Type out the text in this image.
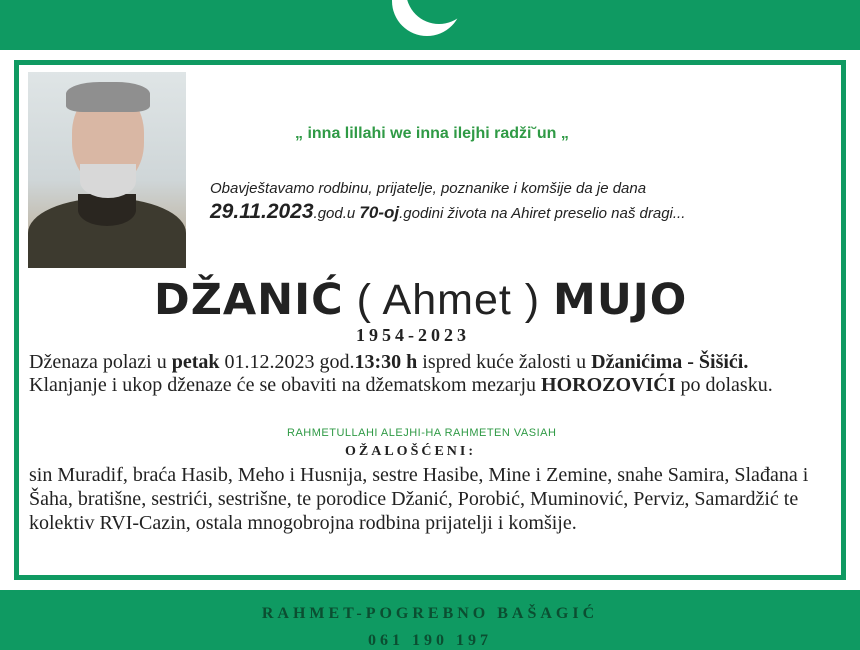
„ inna lillahi we inna ilejhi radži˘un „
Obavještavamo rodbinu, prijatelje, poznanike i komšije da je dana
29.11.2023.god.u 70-oj.godini života na Ahiret preselio naš dragi...
DŽANIĆ ( Ahmet ) MUJO
1954-2023
Dženaza polazi u petak 01.12.2023 god.13:30 h ispred kuće žalosti u Džanićima - Šišići. Klanjanje i ukop dženaze će se obaviti na džematskom mezarju HOROZOVIĆI po dolasku.
RAHMETULLAHI ALEJHI-HA RAHMETEN VASIAH
OŽALOŠĆENI:
sin Muradif, braća Hasib, Meho i Husnija, sestre Hasibe, Mine i Zemine, snahe Samira, Slađana i Šaha, bratišne, sestrići, sestrišne, te porodice Džanić, Porobić, Muminović, Perviz, Samardžić te kolektiv RVI-Cazin, ostala mnogobrojna rodbina prijatelji i komšije.
RAHMET-POGREBNO BAŠAGIĆ
061 190 197
